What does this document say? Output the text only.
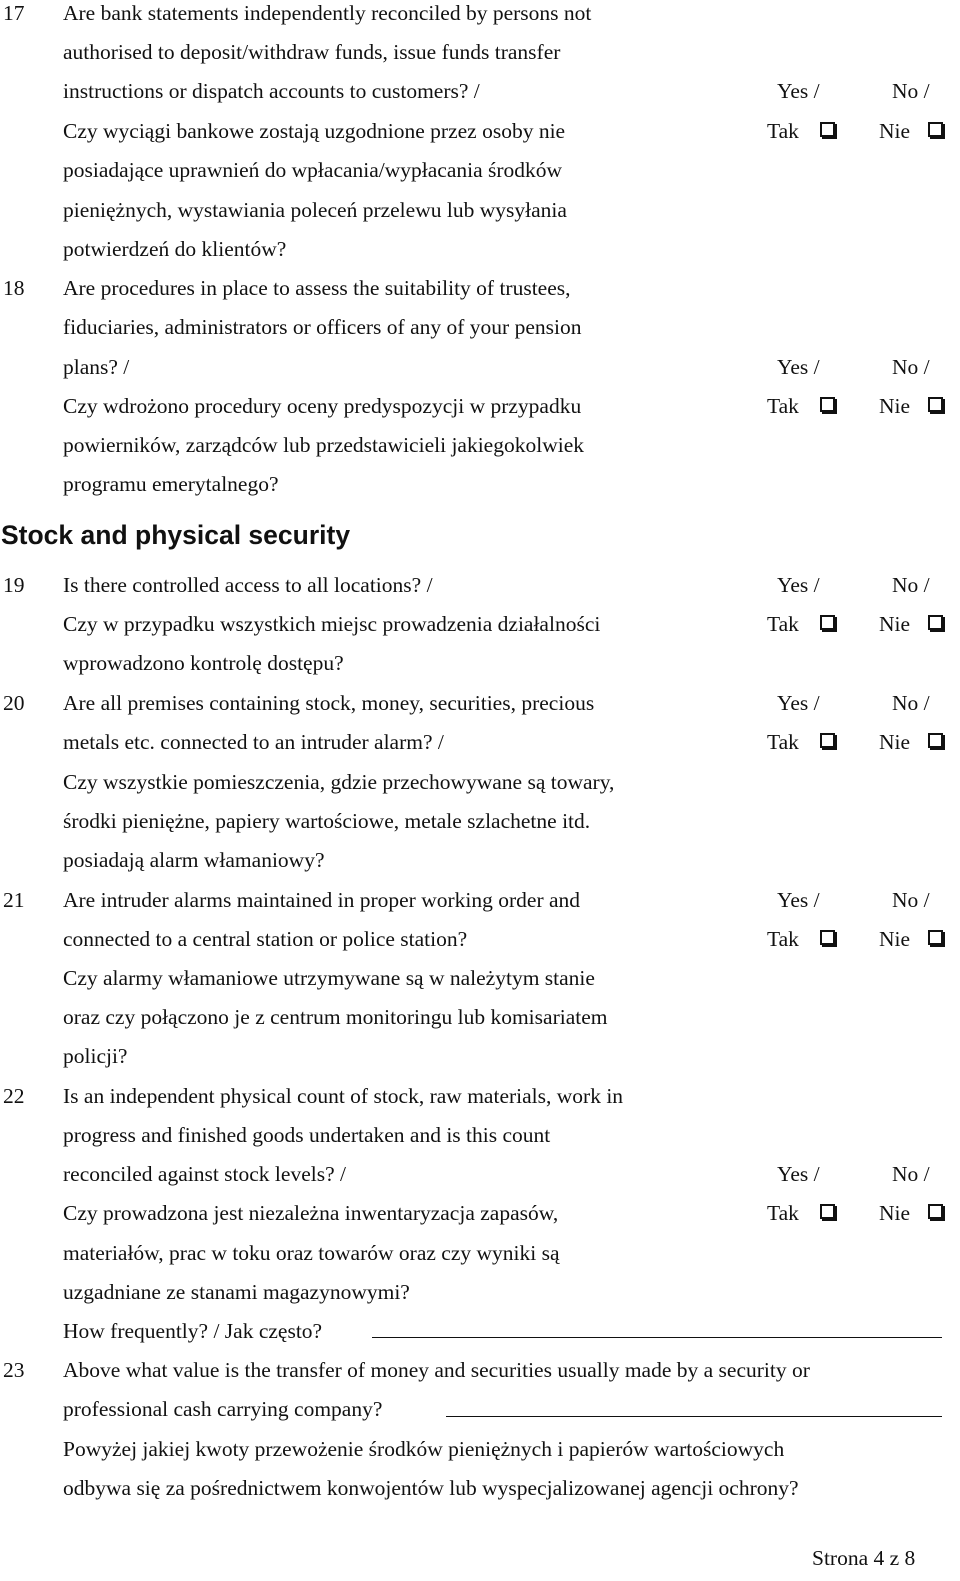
17 Are bank statements independently reconciled by persons not
authorised to deposit/withdraw funds, issue funds transfer
instructions or dispatch accounts to customers? /
Czy wyciągi bankowe zostają uzgodnione przez osoby nie
posiadające uprawnień do wpłacania/wypłacania środków
pieniężnych, wystawiania poleceń przelewu lub wysyłania
potwierdzeń do klientów?
Yes /	No /
Tak	Nie
18 Are procedures in place to assess the suitability of trustees,
fiduciaries, administrators or officers of any of your pension
plans? /
Czy wdrożono procedury oceny predyspozycji w przypadku
powierników, zarządców lub przedstawicieli jakiegokolwiek
programu emerytalnego?
Yes /	No /
Tak	Nie
Stock and physical security
19 Is there controlled access to all locations? /
Czy w przypadku wszystkich miejsc prowadzenia działalności
wprowadzono kontrolę dostępu?
Yes /	No /
Tak	Nie
20 Are all premises containing stock, money, securities, precious
metals etc. connected to an intruder alarm? /
Czy wszystkie pomieszczenia, gdzie przechowywane są towary,
środki pieniężne, papiery wartościowe, metale szlachetne itd.
posiadają alarm włamaniowy?
Yes /	No /
Tak	Nie
21 Are intruder alarms maintained in proper working order and
connected to a central station or police station?
Czy alarmy włamaniowe utrzymywane są w należytym stanie
oraz czy połączono je z centrum monitoringu lub komisariatem
policji?
Yes /	No /
Tak	Nie
22 Is an independent physical count of stock, raw materials, work in
progress and finished goods undertaken and is this count
reconciled against stock levels? /
Czy prowadzona jest niezależna inwentaryzacja zapasów,
materiałów, prac w toku oraz towarów oraz czy wyniki są
uzgadniane ze stanami magazynowymi?
How frequently? / Jak często?
Yes /	No /
Tak	Nie
23 Above what value is the transfer of money and securities usually made by a security or
professional cash carrying company?
Powyżej jakiej kwoty przewożenie środków pieniężnych i papierów wartościowych
odbywa się za pośrednictwem konwojentów lub wyspecjalizowanej agencji ochrony?
Strona 4 z 8
